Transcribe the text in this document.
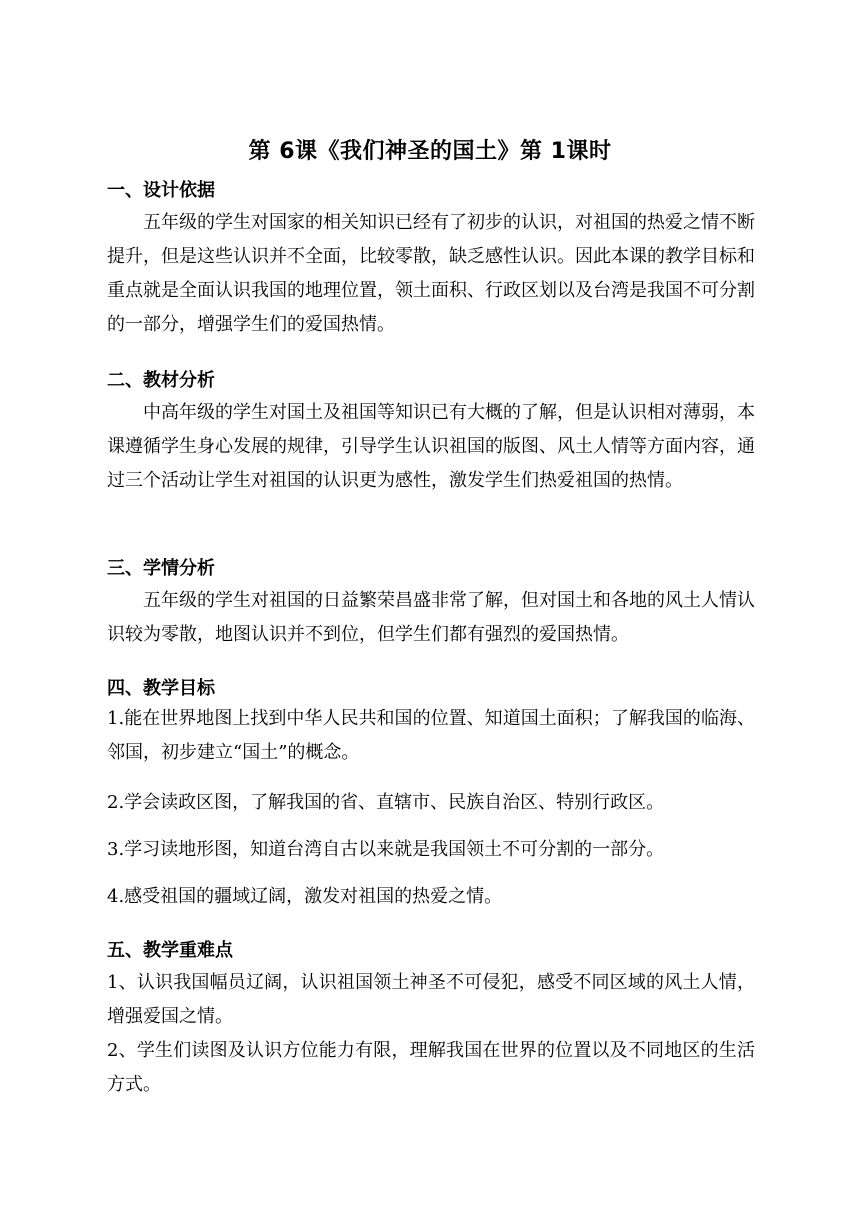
第 6课《我们神圣的国土》第 1课时
一、设计依据
五年级的学生对国家的相关知识已经有了初步的认识，对祖国的热爱之情不断提升，但是这些认识并不全面，比较零散，缺乏感性认识。因此本课的教学目标和重点就是全面认识我国的地理位置，领土面积、行政区划以及台湾是我国不可分割的一部分，增强学生们的爱国热情。
二、教材分析
中高年级的学生对国土及祖国等知识已有大概的了解，但是认识相对薄弱，本课遵循学生身心发展的规律，引导学生认识祖国的版图、风土人情等方面内容，通过三个活动让学生对祖国的认识更为感性，激发学生们热爱祖国的热情。
三、学情分析
五年级的学生对祖国的日益繁荣昌盛非常了解，但对国土和各地的风土人情认识较为零散，地图认识并不到位，但学生们都有强烈的爱国热情。
四、教学目标
1.能在世界地图上找到中华人民共和国的位置、知道国土面积；了解我国的临海、邻国，初步建立“国土”的概念。
2.学会读政区图，了解我国的省、直辖市、民族自治区、特别行政区。
3.学习读地形图，知道台湾自古以来就是我国领土不可分割的一部分。
4.感受祖国的疆域辽阔，激发对祖国的热爱之情。
五、教学重难点
1、认识我国幅员辽阔，认识祖国领土神圣不可侵犯，感受不同区域的风土人情，增强爱国之情。
2、学生们读图及认识方位能力有限，理解我国在世界的位置以及不同地区的生活方式。
